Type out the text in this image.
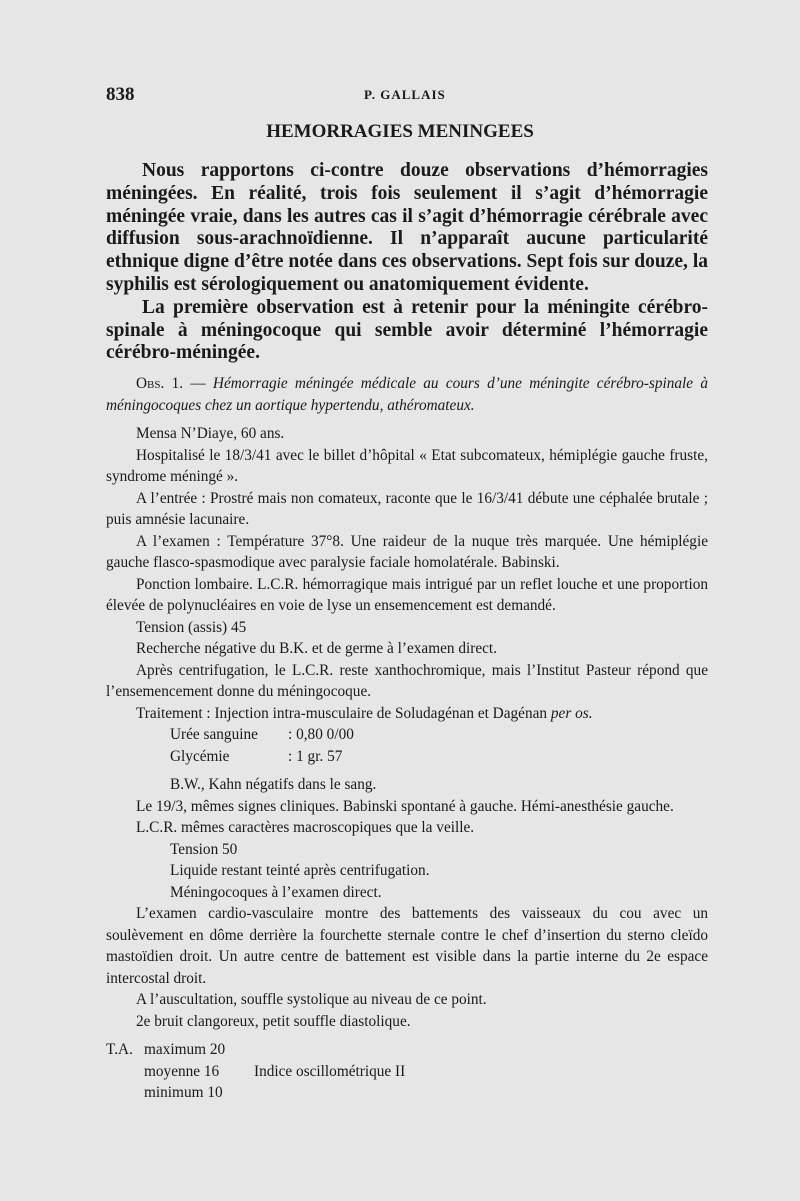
838	P. GALLAIS
HEMORRAGIES MENINGEES

Nous rapportons ci-contre douze observations d’hémorragies méningées. En réalité, trois fois seulement il s’agit d’hémorragie méningée vraie, dans les autres cas il s’agit d’hémorragie cérébrale avec diffusion sous-arachnoïdienne. Il n’apparaît aucune particularité ethnique digne d’être notée dans ces observations. Sept fois sur douze, la syphilis est sérologiquement ou anatomiquement évidente.

La première observation est à retenir pour la méningite cérébro-spinale à méningocoque qui semble avoir déterminé l’hémorragie cérébro-méningée.

Obs. 1. — Hémorragie méningée médicale au cours d’une méningite cérébro-spinale à méningocoques chez un aortique hypertendu, athéromateux.

Mensa N’Diaye, 60 ans.

Hospitalisé le 18/3/41 avec le billet d’hôpital « Etat subcomateux, hémiplégie gauche fruste, syndrome méningé ».

A l’entrée : Prostré mais non comateux, raconte que le 16/3/41 débute une céphalée brutale ; puis amnésie lacunaire.

A l’examen : Température 37°8. Une raideur de la nuque très marquée. Une hémiplégie gauche flasco-spasmodique avec paralysie faciale homolatérale. Babinski.

Ponction lombaire. L.C.R. hémorragique mais intrigué par un reflet louche et une proportion élevée de polynucléaires en voie de lyse un ensemencement est demandé.

Tension (assis) 45

Recherche négative du B.K. et de germe à l’examen direct.

Après centrifugation, le L.C.R. reste xanthochromique, mais l’Institut Pasteur répond que l’ensemencement donne du méningocoque.

Traitement : Injection intra-musculaire de Soludagénan et Dagénan per os.

Urée sanguine	: 0,80 0/00
Glycémie	: 1 gr. 57

B.W., Kahn négatifs dans le sang.

Le 19/3, mêmes signes cliniques. Babinski spontané à gauche. Hémi-anesthésie gauche.

L.C.R. mêmes caractères macroscopiques que la veille.

Tension 50

Liquide restant teinté après centrifugation.

Méningocoques à l’examen direct.

L’examen cardio-vasculaire montre des battements des vaisseaux du cou avec un soulèvement en dôme derrière la fourchette sternale contre le chef d’insertion du sterno cleïdo mastoïdien droit. Un autre centre de battement est visible dans la partie interne du 2e espace intercostal droit.

A l’auscultation, souffle systolique au niveau de ce point.

2e bruit clangoreux, petit souffle diastolique.

T.A. maximum 20
moyenne 16	Indice oscillométrique II
minimum 10
